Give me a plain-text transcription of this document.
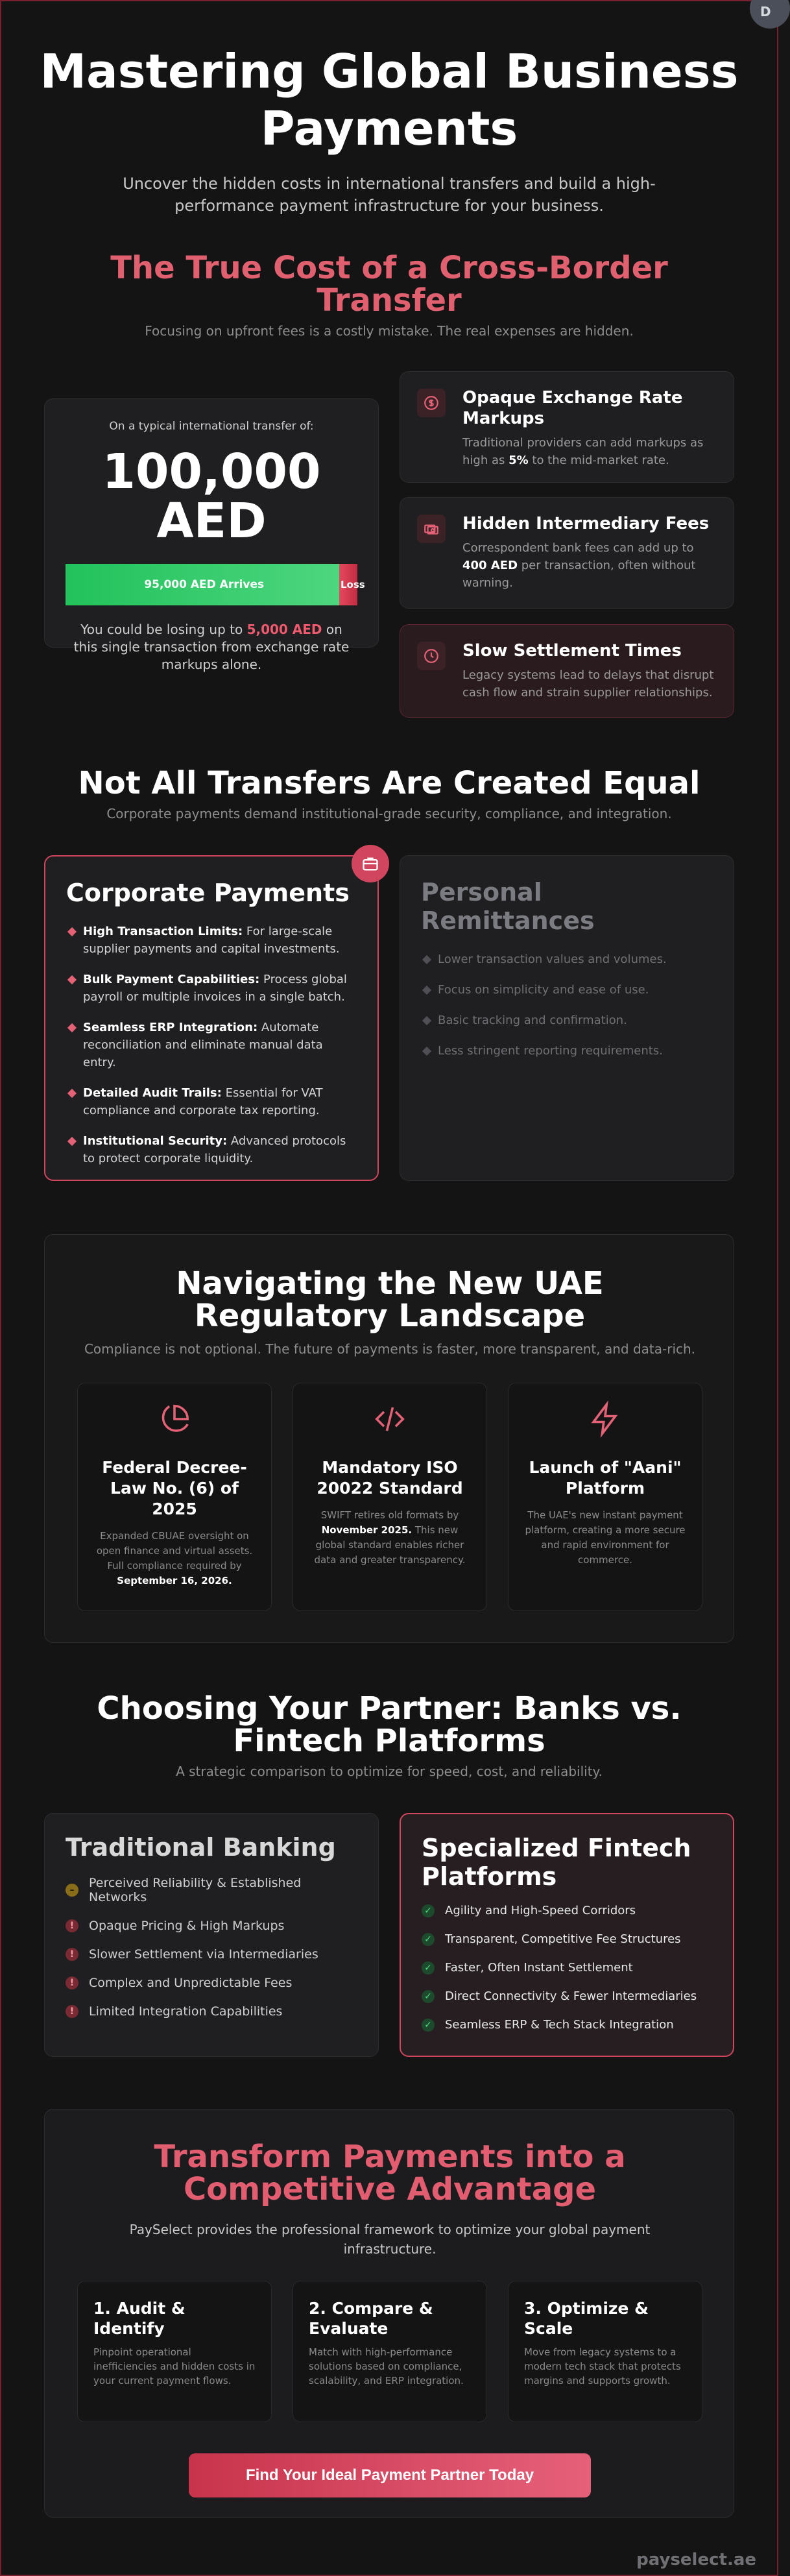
D
Mastering Global Business Payments

Uncover the hidden costs in international transfers and build a high-performance payment infrastructure for your business.

The True Cost of a Cross-Border Transfer

Focusing on upfront fees is a costly mistake. The real expenses are hidden.

On a typical international transfer of:
100,000 AED
95,000 AED Arrives	Loss

You could be losing up to 5,000 AED on this single transaction from exchange rate markups alone.

Opaque Exchange Rate Markups

Traditional providers can add markups as high as 5% to the mid-market rate.

Hidden Intermediary Fees

Correspondent bank fees can add up to 400 AED per transaction, often without warning.

Slow Settlement Times

Legacy systems lead to delays that disrupt cash flow and strain supplier relationships.

Not All Transfers Are Created Equal

Corporate payments demand institutional-grade security, compliance, and integration.

Corporate Payments
High Transaction Limits: For large-scale supplier payments and capital investments.
Bulk Payment Capabilities: Process global payroll or multiple invoices in a single batch.
Seamless ERP Integration: Automate reconciliation and eliminate manual data entry.
Detailed Audit Trails: Essential for VAT compliance and corporate tax reporting.
Institutional Security: Advanced protocols to protect corporate liquidity.
Personal Remittances
Lower transaction values and volumes.
Focus on simplicity and ease of use.
Basic tracking and confirmation.
Less stringent reporting requirements.
Navigating the New UAE Regulatory Landscape

Compliance is not optional. The future of payments is faster, more transparent, and data-rich.

Federal Decree-Law No. (6) of 2025

Expanded CBUAE oversight on open finance and virtual assets. Full compliance required by September 16, 2026.

Mandatory ISO 20022 Standard

SWIFT retires old formats by November 2025. This new global standard enables richer data and greater transparency.

Launch of "Aani" Platform

The UAE's new instant payment platform, creating a more secure and rapid environment for commerce.

Choosing Your Partner: Banks vs. Fintech Platforms

A strategic comparison to optimize for speed, cost, and reliability.

Traditional Banking
–	Perceived Reliability & Established Networks
!	Opaque Pricing & High Markups
!	Slower Settlement via Intermediaries
!	Complex and Unpredictable Fees
!	Limited Integration Capabilities
Specialized Fintech Platforms
✓ Agility and High-Speed Corridors
✓ Transparent, Competitive Fee Structures
✓ Faster, Often Instant Settlement
✓ Direct Connectivity & Fewer Intermediaries
✓ Seamless ERP & Tech Stack Integration
Transform Payments into a Competitive Advantage

PaySelect provides the professional framework to optimize your global payment infrastructure.

1. Audit & Identify

Pinpoint operational inefficiencies and hidden costs in your current payment flows.

2. Compare & Evaluate

Match with high-performance solutions based on compliance, scalability, and ERP integration.

3. Optimize & Scale

Move from legacy systems to a modern tech stack that protects margins and supports growth.

Find Your Ideal Payment Partner Today
payselect.ae
